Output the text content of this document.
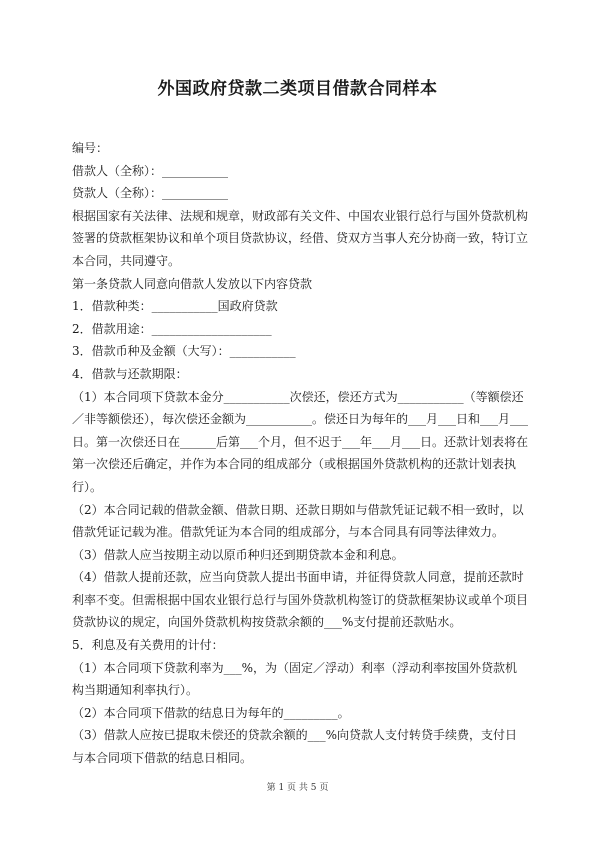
外国政府贷款二类项目借款合同样本

编号：

借款人（全称）：___________

贷款人（全称）：___________

根据国家有关法律、法规和规章，财政部有关文件、中国农业银行总行与国外贷款机构签署的贷款框架协议和单个项目贷款协议，经借、贷双方当事人充分协商一致，特订立本合同，共同遵守。

第一条贷款人同意向借款人发放以下内容贷款

1．借款种类：___________国政府贷款

2．借款用途：____________________

3．借款币种及金额（大写）：___________

4．借款与还款期限：

（1）本合同项下贷款本金分___________次偿还，偿还方式为___________（等额偿还／非等额偿还），每次偿还金额为___________。偿还日为每年的___月___日和___月___日。第一次偿还日在______后第___个月，但不迟于___年___月___日。还款计划表将在第一次偿还后确定，并作为本合同的组成部分（或根据国外贷款机构的还款计划表执行）。

（2）本合同记载的借款金额、借款日期、还款日期如与借款凭证记载不相一致时，以借款凭证记载为准。借款凭证为本合同的组成部分，与本合同具有同等法律效力。

（3）借款人应当按期主动以原币种归还到期贷款本金和利息。

（4）借款人提前还款，应当向贷款人提出书面申请，并征得贷款人同意，提前还款时利率不变。但需根据中国农业银行总行与国外贷款机构签订的贷款框架协议或单个项目贷款协议的规定，向国外贷款机构按贷款余额的___%支付提前还款贴水。

5．利息及有关费用的计付：

（1）本合同项下贷款利率为___%，为（固定／浮动）利率（浮动利率按国外贷款机构当期通知利率执行）。

（2）本合同项下借款的结息日为每年的_________。

（3）借款人应按已提取未偿还的贷款余额的___%向贷款人支付转贷手续费，支付日与本合同项下借款的结息日相同。

第 1 页 共 5 页
